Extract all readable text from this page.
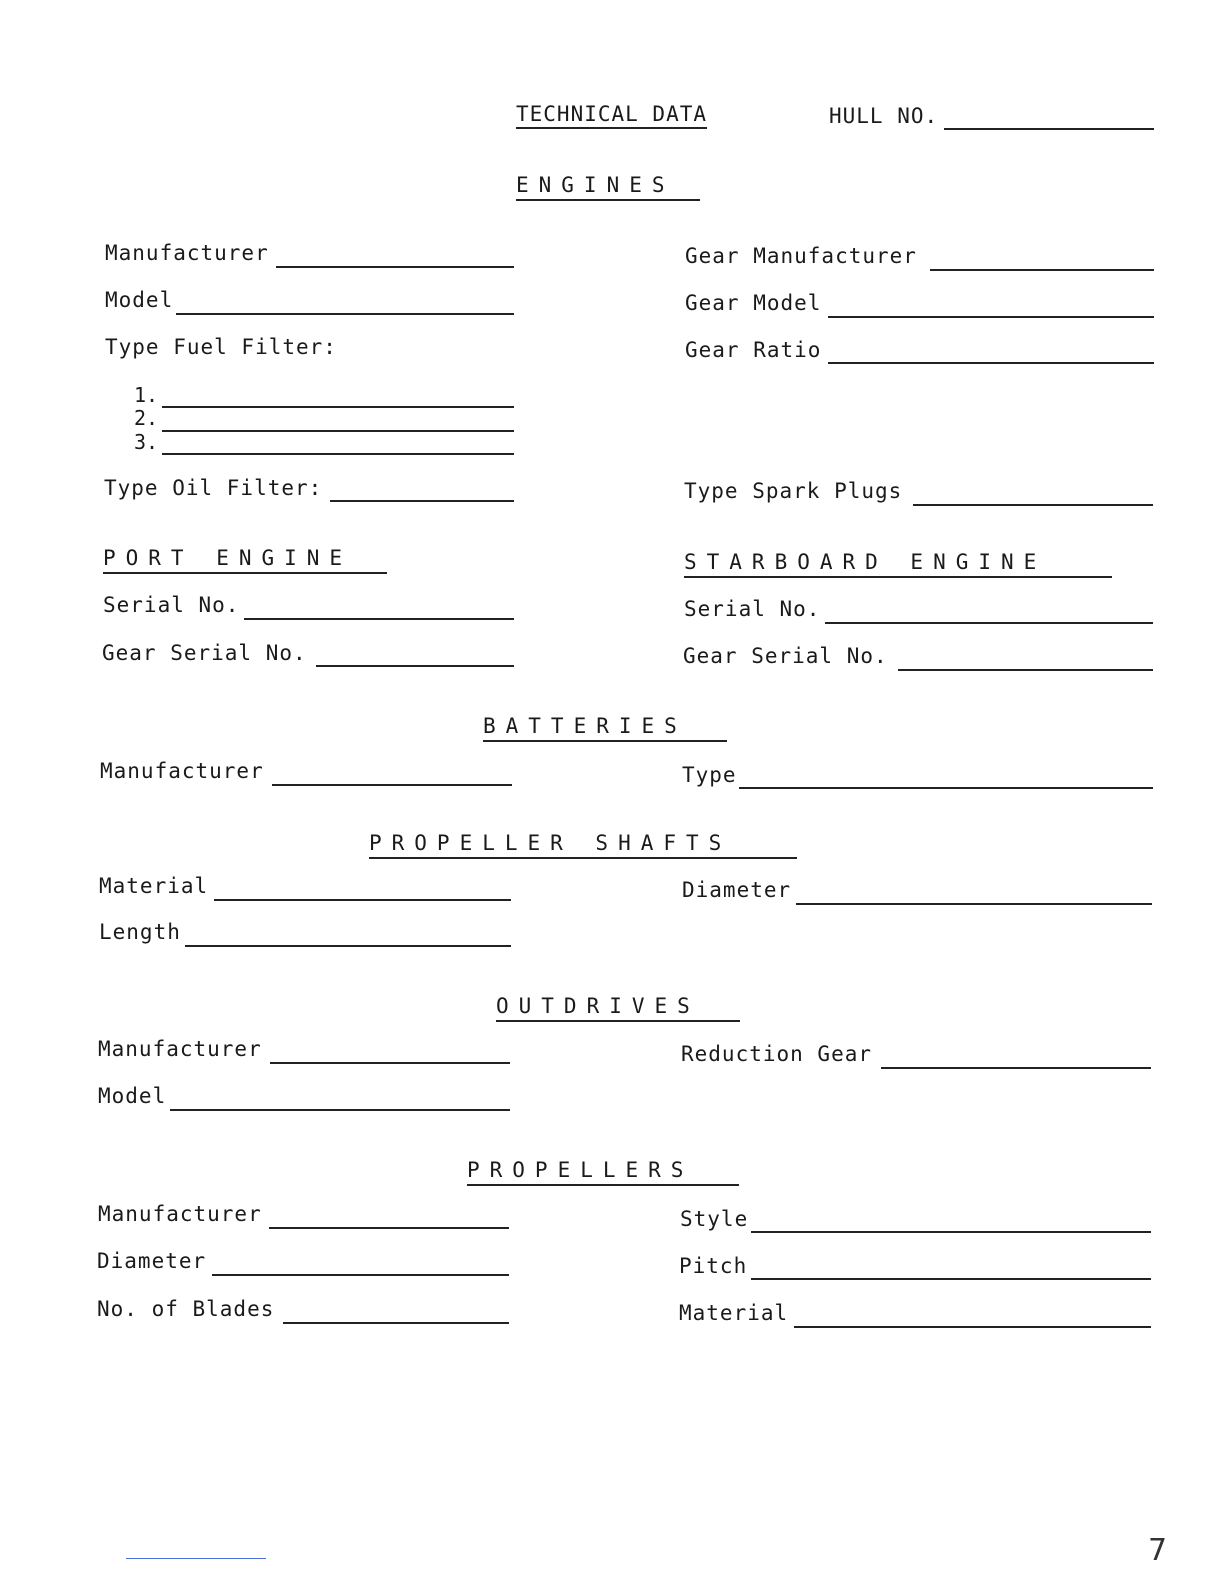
TECHNICAL DATA	HULL NO.
ENGINES
Manufacturer
Model
Type Fuel Filter:
1.
2.
3.
Type Oil Filter:
Gear Manufacturer
Gear Model
Gear Ratio
Type Spark Plugs
PORT ENGINE
Serial No.
Gear Serial No.
STARBOARD ENGINE
Serial No.
Gear Serial No.
BATTERIES
Manufacturer	Type
PROPELLER SHAFTS
Material
Length
Diameter
OUTDRIVES
Manufacturer
Model
Reduction Gear
PROPELLERS
Manufacturer
Diameter
No. of Blades
Style
Pitch
Material
7
